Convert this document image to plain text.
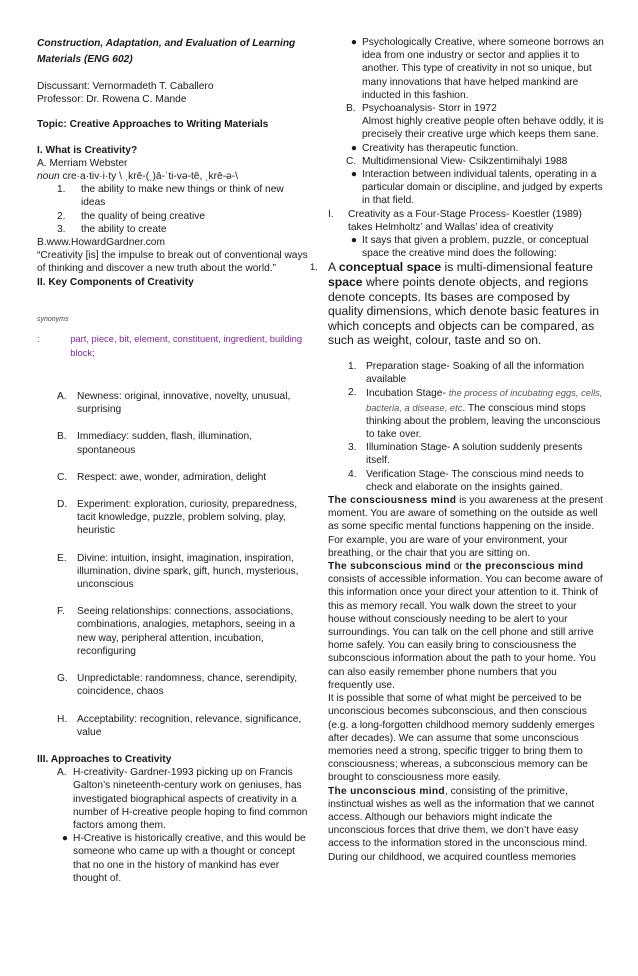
Construction, Adaptation, and Evaluation of Learning Materials (ENG 602)

Discussant: Vernormadeth T. Caballero

Professor: Dr. Rowena C. Mande

Topic: Creative Approaches to Writing Materials

I. What is Creativity?

A. Merriam Webster

noun cre·a·tiv·i·ty \ ˌkrē-(ˌ)ā-ˈti-və-tē, ˌkrē-ə-\

1.	the ability to make new things or think of new ideas
2.	the quality of being creative
3.	the ability to create

B.www.HowardGardner.com

“Creativity [is] the impulse to break out of conventional ways of thinking and discover a new truth about the world.”

II. Key Components of Creativity

synonyms

:	part, piece, bit, element, constituent, ingredient, building block;
A.	Newness: original, innovative, novelty, unusual, surprising
B.	Immediacy: sudden, flash, illumination, spontaneous
C. Respect: awe, wonder, admiration, delight
D. Experiment: exploration, curiosity, preparedness, tacit knowledge, puzzle, problem solving, play, heuristic
E.	Divine: intuition, insight, imagination, inspiration, illumination, divine spark, gift, hunch, mysterious, unconscious
F.	Seeing relationships: connections, associations, combinations, analogies, metaphors, seeing in a new way, peripheral attention, incubation, reconfiguring
G. Unpredictable: randomness, chance, serendipity, coincidence, chaos
H. Acceptability: recognition, relevance, significance, value

III. Approaches to Creativity

A. H-creativity- Gardner-1993 picking up on Francis Galton’s nineteenth-century work on geniuses, has investigated biographical aspects of creativity in a number of H-creative people hoping to find common factors among them.
● H-Creative is historically creative, and this would be someone who came up with a thought or concept that no one in the history of mankind has ever thought of.
● Psychologically Creative, where someone borrows an idea from one industry or sector and applies it to another. This type of creativity in not so unique, but many innovations that have helped mankind are inducted in this fashion.
B. Psychoanalysis- Storr in 1972

Almost highly creative people often behave oddly, it is precisely their creative urge which keeps them sane.

● Creativity has therapeutic function.
C. Multidimensional View- Csikzentimihalyi 1988
● Interaction between individual talents, operating in a particular domain or discipline, and judged by experts in that field.
I.	Creativity as a Four-Stage Process- Koestler (1989) takes Helmholtz’ and Wallas’ idea of creativity
● It says that given a problem, puzzle, or conceptual space the creative mind does the following:
1. A conceptual space is multi-dimensional feature space where points denote objects, and regions denote concepts. Its bases are composed by quality dimensions, which denote basic features in which concepts and objects can be compared, as such as weight, colour, taste and so on.
1. Preparation stage- Soaking of all the information available
2. Incubation Stage- the process of incubating eggs, cells, bacteria, a disease, etc. The conscious mind stops thinking about the problem, leaving the unconscious to take over.
3. Illumination Stage- A solution suddenly presents itself.
4. Verification Stage- The conscious mind needs to check and elaborate on the insights gained.

The consciousness mind is you awareness at the present moment. You are aware of something on the outside as well as some specific mental functions happening on the inside. For example, you are ware of your environment, your breathing, or the chair that you are sitting on.

The subconscious mind or the preconscious mind consists of accessible information. You can become aware of this information once your direct your attention to it. Think of this as memory recall. You walk down the street to your house without consciously needing to be alert to your surroundings. You can talk on the cell phone and still arrive home safely. You can easily bring to consciousness the subconscious information about the path to your home. You can also easily remember phone numbers that you frequently use.

It is possible that some of what might be perceived to be unconscious becomes subconscious, and then conscious (e.g. a long-forgotten childhood memory suddenly emerges after decades). We can assume that some unconscious memories need a strong, specific trigger to bring them to consciousness; whereas, a subconscious memory can be brought to consciousness more easily.

The unconscious mind, consisting of the primitive, instinctual wishes as well as the information that we cannot access. Although our behaviors might indicate the unconscious forces that drive them, we don’t have easy access to the information stored in the unconscious mind. During our childhood, we acquired countless memories
